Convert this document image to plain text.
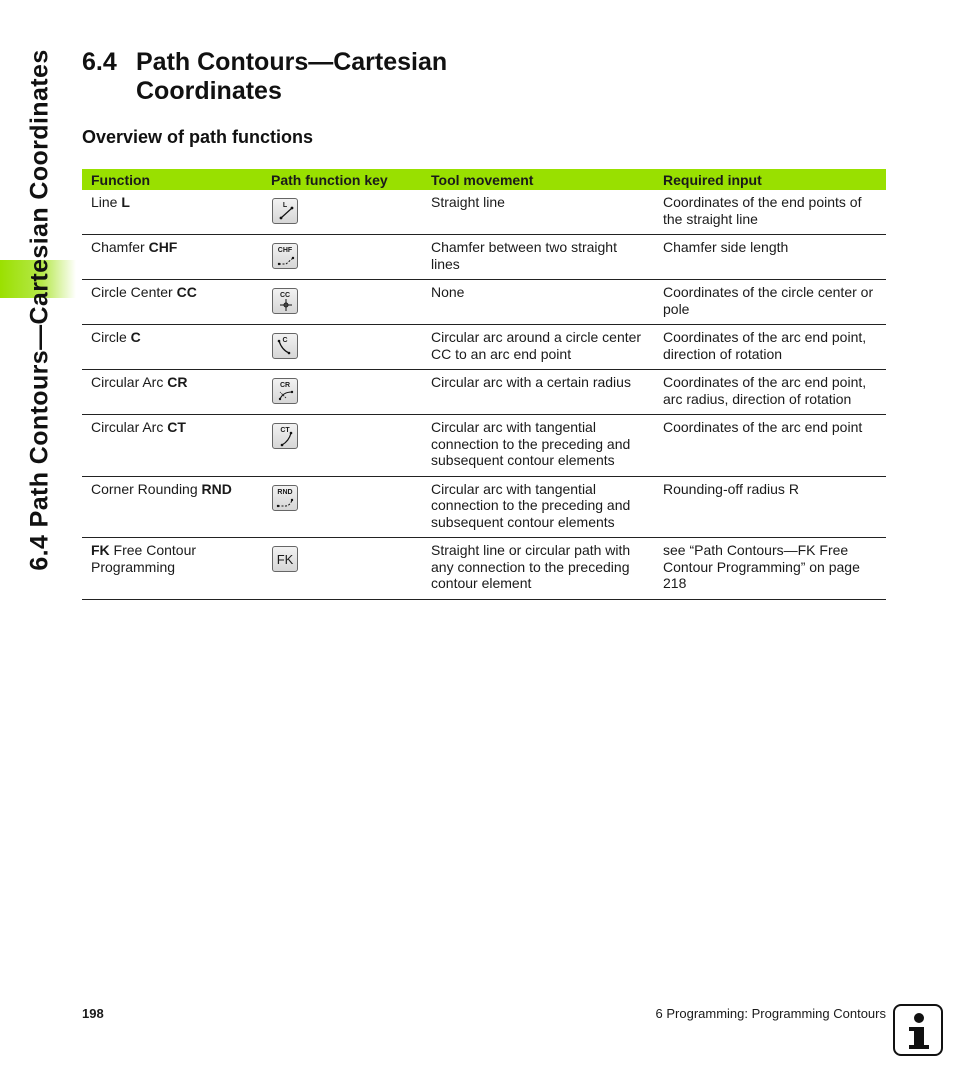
6.4 Path Contours—Cartesian Coordinates 6.4 Path Contours—Cartesian Coordinates
Overview of path functions
Function	Path function key	Tool movement	Required input
Line L	L	Straight line	Coordinates of the end points of the straight line
Chamfer CHF	CHF	Chamfer between two straight lines	Chamfer side length
Circle Center CC	CC	None	Coordinates of the circle center or pole
Circle C	C	Circular arc around a circle center CC to an arc end point	Coordinates of the arc end point, direction of rotation
Circular Arc CR	CR	Circular arc with a certain radius	Coordinates of the arc end point, arc radius, direction of rotation
Circular Arc CT	CT	Circular arc with tangential connection to the preceding and subsequent contour elements	Coordinates of the arc end point
Corner Rounding RND	RND	Circular arc with tangential connection to the preceding and subsequent contour elements	Rounding-off radius R
FK Free Contour Programming	FK	Straight line or circular path with any connection to the preceding contour element	see “Path Contours—FK Free Contour Programming” on page 218
198	6 Programming: Programming Contours
